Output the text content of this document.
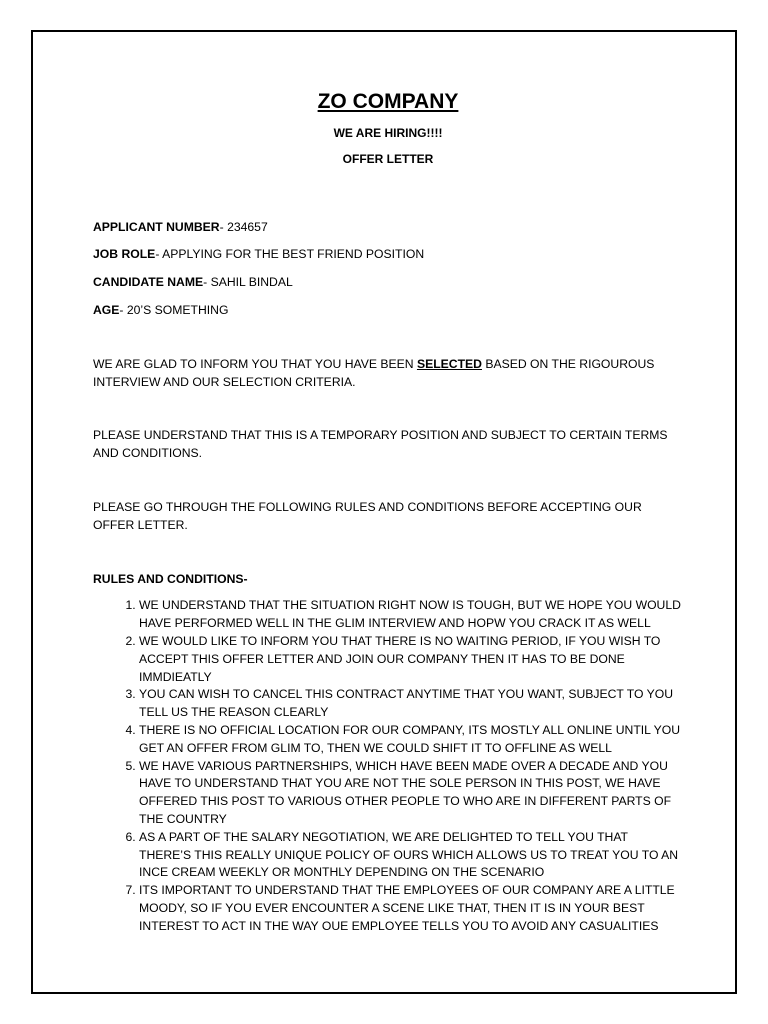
ZO COMPANY

WE ARE HIRING!!!!

OFFER LETTER

APPLICANT NUMBER- 234657

JOB ROLE- APPLYING FOR THE BEST FRIEND POSITION

CANDIDATE NAME- SAHIL BINDAL

AGE- 20’S SOMETHING

WE ARE GLAD TO INFORM YOU THAT YOU HAVE BEEN SELECTED BASED ON THE RIGOUROUS INTERVIEW AND OUR SELECTION CRITERIA.

PLEASE UNDERSTAND THAT THIS IS A TEMPORARY POSITION AND SUBJECT TO CERTAIN TERMS AND CONDITIONS.

PLEASE GO THROUGH THE FOLLOWING RULES AND CONDITIONS BEFORE ACCEPTING OUR OFFER LETTER.

RULES AND CONDITIONS-

1. WE UNDERSTAND THAT THE SITUATION RIGHT NOW IS TOUGH, BUT WE HOPE YOU WOULD HAVE PERFORMED WELL IN THE GLIM INTERVIEW AND HOPW YOU CRACK IT AS WELL
2. WE WOULD LIKE TO INFORM YOU THAT THERE IS NO WAITING PERIOD, IF YOU WISH TO ACCEPT THIS OFFER LETTER AND JOIN OUR COMPANY THEN IT HAS TO BE DONE IMMDIEATLY
3. YOU CAN WISH TO CANCEL THIS CONTRACT ANYTIME THAT YOU WANT, SUBJECT TO YOU TELL US THE REASON CLEARLY
4. THERE IS NO OFFICIAL LOCATION FOR OUR COMPANY, ITS MOSTLY ALL ONLINE UNTIL YOU GET AN OFFER FROM GLIM TO, THEN WE COULD SHIFT IT TO OFFLINE AS WELL
5. WE HAVE VARIOUS PARTNERSHIPS, WHICH HAVE BEEN MADE OVER A DECADE AND YOU HAVE TO UNDERSTAND THAT YOU ARE NOT THE SOLE PERSON IN THIS POST, WE HAVE OFFERED THIS POST TO VARIOUS OTHER PEOPLE TO WHO ARE IN DIFFERENT PARTS OF THE COUNTRY
6. AS A PART OF THE SALARY NEGOTIATION, WE ARE DELIGHTED TO TELL YOU THAT THERE’S THIS REALLY UNIQUE POLICY OF OURS WHICH ALLOWS US TO TREAT YOU TO AN INCE CREAM WEEKLY OR MONTHLY DEPENDING ON THE SCENARIO
7. ITS IMPORTANT TO UNDERSTAND THAT THE EMPLOYEES OF OUR COMPANY ARE A LITTLE MOODY, SO IF YOU EVER ENCOUNTER A SCENE LIKE THAT, THEN IT IS IN YOUR BEST INTEREST TO ACT IN THE WAY OUE EMPLOYEE TELLS YOU TO AVOID ANY CASUALITIES
